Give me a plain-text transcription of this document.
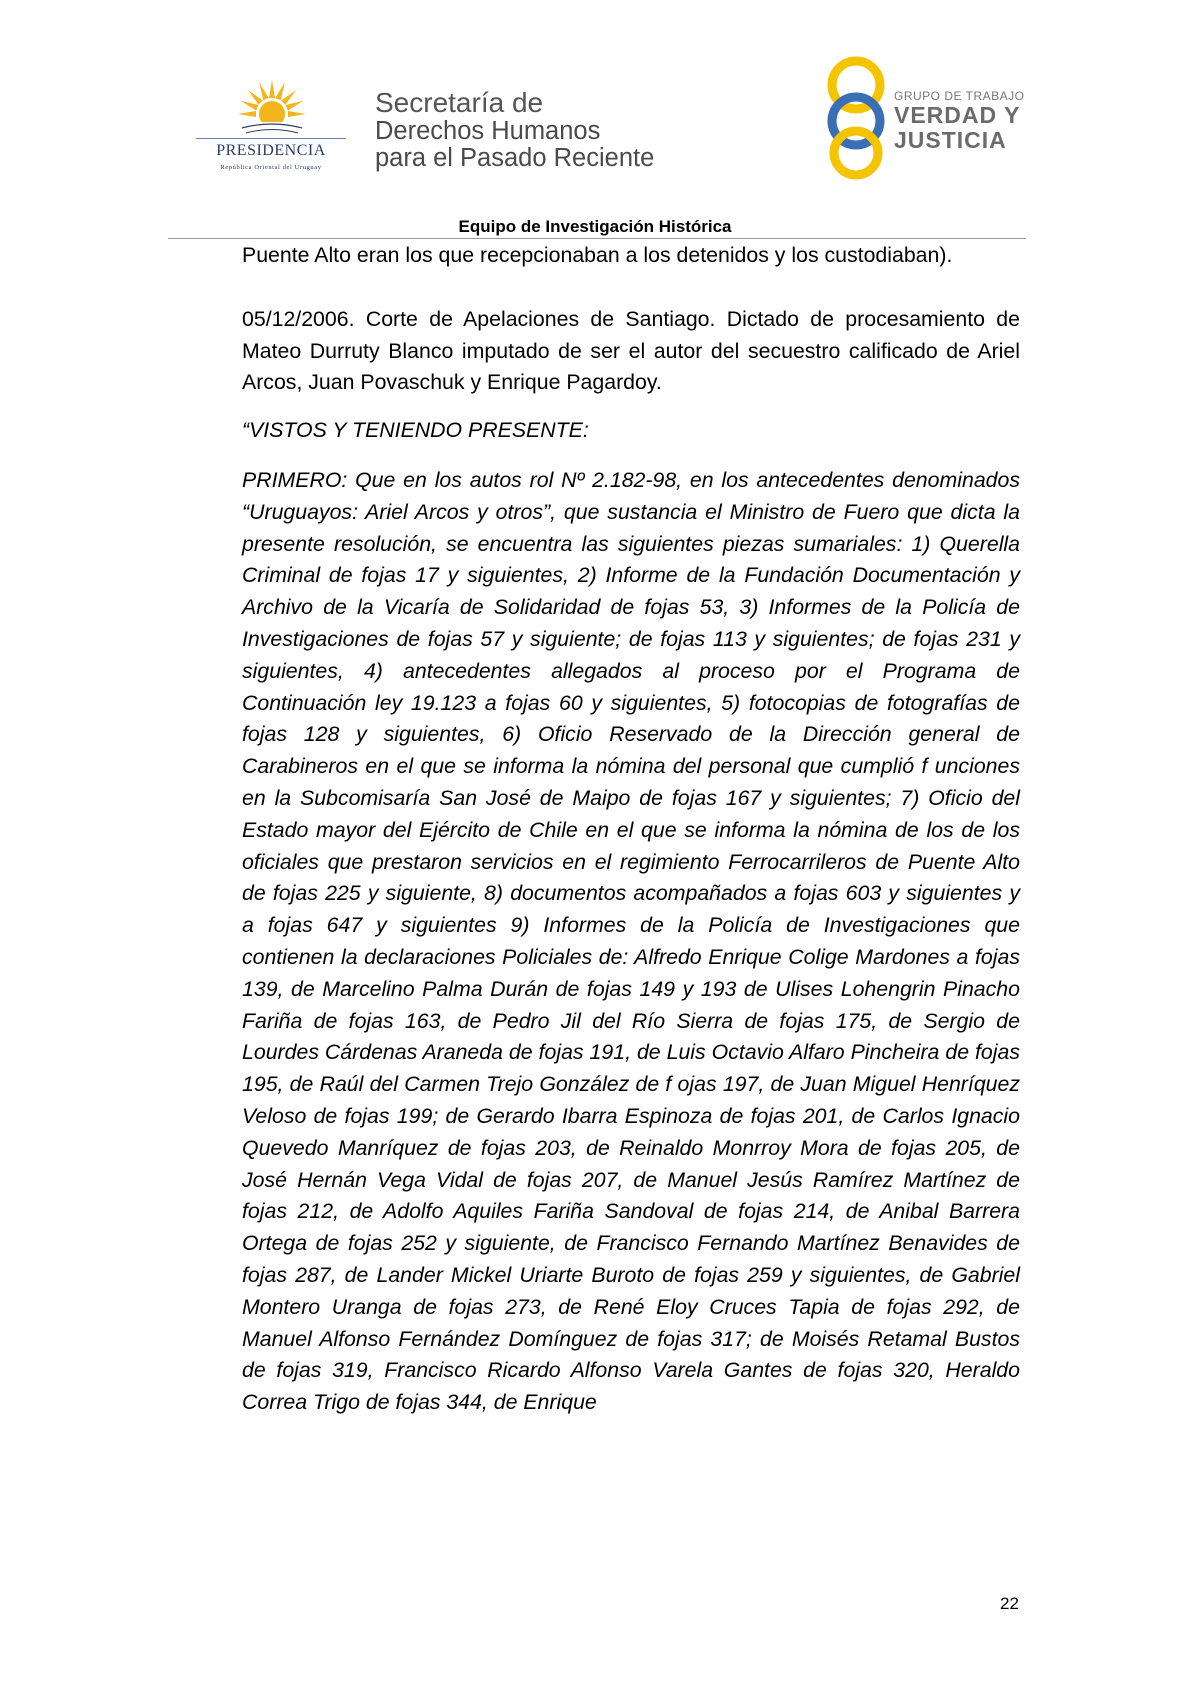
PRESIDENCIA
República Oriental del Uruguay
Secretaría de
Derechos Humanos
para el Pasado Reciente
GRUPO DE TRABAJO
VERDAD Y
JUSTICIA
Equipo de Investigación Histórica

Puente Alto eran los que recepcionaban a los detenidos y los custodiaban).

05/12/2006. Corte de Apelaciones de Santiago. Dictado de procesamiento de Mateo Durruty Blanco imputado de ser el autor del secuestro calificado de Ariel Arcos, Juan Povaschuk y Enrique Pagardoy.

“VISTOS Y TENIENDO PRESENTE:

PRIMERO: Que en los autos rol Nº 2.182-98, en los antecedentes denominados “Uruguayos: Ariel Arcos y otros”, que sustancia el Ministro de Fuero que dicta la presente resolución, se encuentra las siguientes piezas sumariales: 1) Querella Criminal de fojas 17 y siguientes, 2) Informe de la Fundación Documentación y Archivo de la Vicaría de Solidaridad de fojas 53, 3) Informes de la Policía de Investigaciones de fojas 57 y siguiente; de fojas 113 y siguientes; de fojas 231 y siguientes, 4) antecedentes allegados al proceso por el Programa de Continuación ley 19.123 a fojas 60 y siguientes, 5) fotocopias de fotografías de fojas 128 y siguientes, 6) Oficio Reservado de la Dirección general de Carabineros en el que se informa la nómina del personal que cumplió f unciones en la Subcomisaría San José de Maipo de fojas 167 y siguientes; 7) Oficio del Estado mayor del Ejército de Chile en el que se informa la nómina de los de los oficiales que prestaron servicios en el regimiento Ferrocarrileros de Puente Alto de fojas 225 y siguiente, 8) documentos acompañados a fojas 603 y siguientes y a fojas 647 y siguientes 9) Informes de la Policía de Investigaciones que contienen la declaraciones Policiales de: Alfredo Enrique Colige Mardones a fojas 139, de Marcelino Palma Durán de fojas 149 y 193 de Ulises Lohengrin Pinacho Fariña de fojas 163, de Pedro Jil del Río Sierra de fojas 175, de Sergio de Lourdes Cárdenas Araneda de fojas 191, de Luis Octavio Alfaro Pincheira de fojas 195, de Raúl del Carmen Trejo González de f ojas 197, de Juan Miguel Henríquez Veloso de fojas 199; de Gerardo Ibarra Espinoza de fojas 201, de Carlos Ignacio Quevedo Manríquez de fojas 203, de Reinaldo Monrroy Mora de fojas 205, de José Hernán Vega Vidal de fojas 207, de Manuel Jesús Ramírez Martínez de fojas 212, de Adolfo Aquiles Fariña Sandoval de fojas 214, de Anibal Barrera Ortega de fojas 252 y siguiente, de Francisco Fernando Martínez Benavides de fojas 287, de Lander Mickel Uriarte Buroto de fojas 259 y siguientes, de Gabriel Montero Uranga de fojas 273, de René Eloy Cruces Tapia de fojas 292, de Manuel Alfonso Fernández Domínguez de fojas 317; de Moisés Retamal Bustos de fojas 319, Francisco Ricardo Alfonso Varela Gantes de fojas 320, Heraldo Correa Trigo de fojas 344, de Enrique

22
